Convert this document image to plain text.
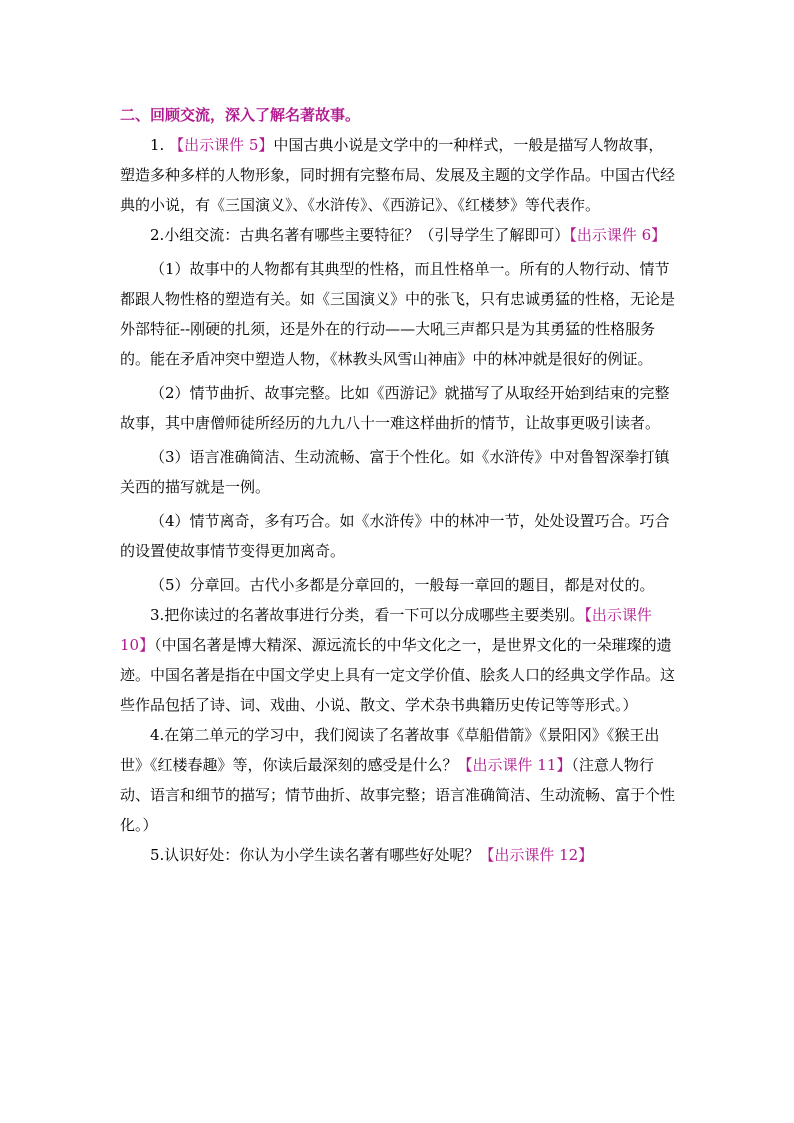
二、回顾交流，深入了解名著故事。

1. 【出示课件 5】中国古典小说是文学中的一种样式，一般是描写人物故事，塑造多种多样的人物形象，同时拥有完整布局、发展及主题的文学作品。中国古代经典的小说，有《三国演义》、《水浒传》、《西游记》、《红楼梦》等代表作。

2.小组交流：古典名著有哪些主要特征？（引导学生了解即可）【出示课件 6】

（1）故事中的人物都有其典型的性格，而且性格单一。所有的人物行动、情节都跟人物性格的塑造有关。如《三国演义》中的张飞，只有忠诚勇猛的性格，无论是外部特征--刚硬的扎须，还是外在的行动——大吼三声都只是为其勇猛的性格服务的。能在矛盾冲突中塑造人物，《林教头风雪山神庙》中的林冲就是很好的例证。

（2）情节曲折、故事完整。比如《西游记》就描写了从取经开始到结束的完整故事，其中唐僧师徒所经历的九九八十一难这样曲折的情节，让故事更吸引读者。

（3）语言准确简洁、生动流畅、富于个性化。如《水浒传》中对鲁智深拳打镇关西的描写就是一例。

（4）情节离奇，多有巧合。如《水浒传》中的林冲一节，处处设置巧合。巧合的设置使故事情节变得更加离奇。

（5）分章回。古代小多都是分章回的，一般每一章回的题目，都是对仗的。

3.把你读过的名著故事进行分类，看一下可以分成哪些主要类别。【出示课件 10】（中国名著是博大精深、源远流长的中华文化之一，是世界文化的一朵璀璨的遗迹。中国名著是指在中国文学史上具有一定文学价值、脍炙人口的经典文学作品。这些作品包括了诗、词、戏曲、小说、散文、学术杂书典籍历史传记等等形式。）

4.在第二单元的学习中，我们阅读了名著故事《草船借箭》《景阳冈》《猴王出世》《红楼春趣》等，你读后最深刻的感受是什么？【出示课件 11】（注意人物行动、语言和细节的描写；情节曲折、故事完整；语言准确简洁、生动流畅、富于个性化。）

5.认识好处：你认为小学生读名著有哪些好处呢？【出示课件 12】
